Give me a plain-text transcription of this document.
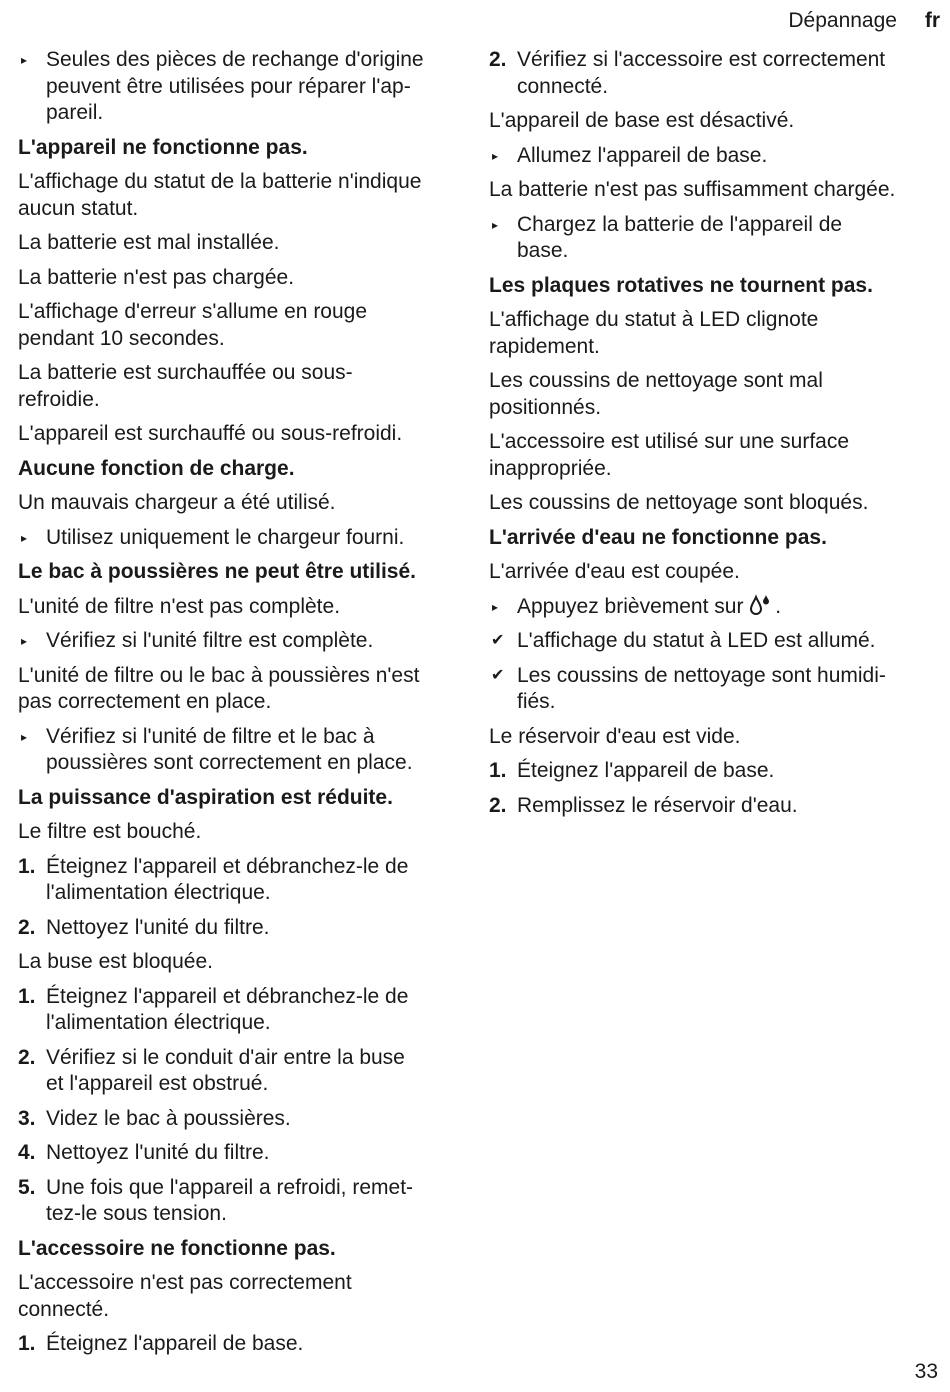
Dépannage fr
▸ Seules des pièces de rechange d'origine
peuvent être utilisées pour réparer l'ap-
pareil.
L'appareil ne fonctionne pas.
L'affichage du statut de la batterie n'indique
aucun statut.
La batterie est mal installée.
La batterie n'est pas chargée.
L'affichage d'erreur s'allume en rouge
pendant 10 secondes.
La batterie est surchauffée ou sous-
refroidie.
L'appareil est surchauffé ou sous-refroidi.
Aucune fonction de charge.
Un mauvais chargeur a été utilisé.
▸ Utilisez uniquement le chargeur fourni.
Le bac à poussières ne peut être utilisé.
L'unité de filtre n'est pas complète.
▸ Vérifiez si l'unité filtre est complète.
L'unité de filtre ou le bac à poussières n'est
pas correctement en place.
▸ Vérifiez si l'unité de filtre et le bac à
poussières sont correctement en place.
La puissance d'aspiration est réduite.
Le filtre est bouché.
1. Éteignez l'appareil et débranchez-le de
l'alimentation électrique.
2. Nettoyez l'unité du filtre.
La buse est bloquée.
1. Éteignez l'appareil et débranchez-le de
l'alimentation électrique.
2. Vérifiez si le conduit d'air entre la buse
et l'appareil est obstrué.
3. Videz le bac à poussières.
4. Nettoyez l'unité du filtre.
5. Une fois que l'appareil a refroidi, remet-
tez-le sous tension.
L'accessoire ne fonctionne pas.
L'accessoire n'est pas correctement
connecté.
1. Éteignez l'appareil de base.
2. Vérifiez si l'accessoire est correctement
connecté.
L'appareil de base est désactivé.
▸ Allumez l'appareil de base.
La batterie n'est pas suffisamment chargée.
▸ Chargez la batterie de l'appareil de
base.
Les plaques rotatives ne tournent pas.
L'affichage du statut à LED clignote
rapidement.
Les coussins de nettoyage sont mal
positionnés.
L'accessoire est utilisé sur une surface
inappropriée.
Les coussins de nettoyage sont bloqués.
L'arrivée d'eau ne fonctionne pas.
L'arrivée d'eau est coupée.
▸ Appuyez brièvement sur .
✔ L'affichage du statut à LED est allumé.
✔ Les coussins de nettoyage sont humidi-
fiés.
Le réservoir d'eau est vide.
1. Éteignez l'appareil de base.
2. Remplissez le réservoir d'eau.
33
